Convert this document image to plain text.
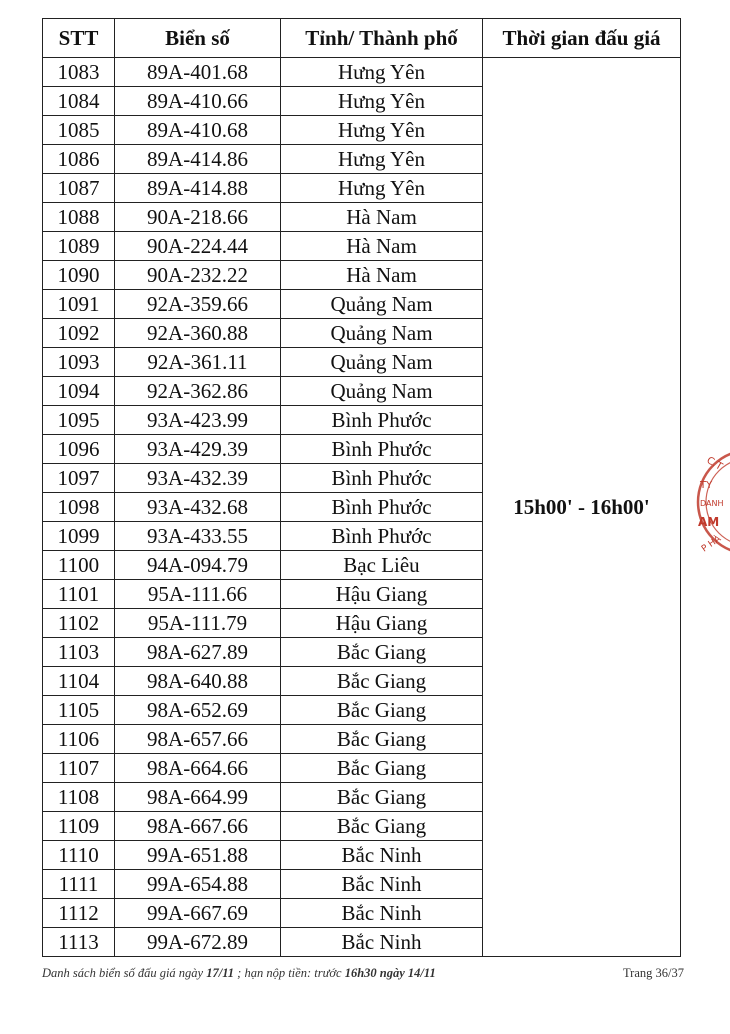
STT	Biển số	Tỉnh/ Thành phố	Thời gian đấu giá
1083	89A-401.68	Hưng Yên	15h00' - 16h00'
1084	89A-410.66	Hưng Yên	
1085	89A-410.68	Hưng Yên	
1086	89A-414.86	Hưng Yên	
1087	89A-414.88	Hưng Yên	
1088	90A-218.66	Hà Nam	
1089	90A-224.44	Hà Nam	
1090	90A-232.22	Hà Nam	
1091	92A-359.66	Quảng Nam	
1092	92A-360.88	Quảng Nam	
1093	92A-361.11	Quảng Nam	
1094	92A-362.86	Quảng Nam	
1095	93A-423.99	Bình Phước	
1096	93A-429.39	Bình Phước	
1097	93A-432.39	Bình Phước	
1098	93A-432.68	Bình Phước	
1099	93A-433.55	Bình Phước	
1100	94A-094.79	Bạc Liêu	
1101	95A-111.66	Hậu Giang	
1102	95A-111.79	Hậu Giang	
1103	98A-627.89	Bắc Giang	
1104	98A-640.88	Bắc Giang	
1105	98A-652.69	Bắc Giang	
1106	98A-657.66	Bắc Giang	
1107	98A-664.66	Bắc Giang	
1108	98A-664.99	Bắc Giang	
1109	98A-667.66	Bắc Giang	
1110	99A-651.88	Bắc Ninh	
1111	99A-654.88	Bắc Ninh	
1112	99A-667.69	Bắc Ninh	
1113	99A-672.89	Bắc Ninh	
Danh sách biển số đấu giá ngày 17/11 ; hạn nộp tiền: trước 16h30 ngày 14/11	Trang 36/37
C.T
TY
DANH
AM
P HÀ
